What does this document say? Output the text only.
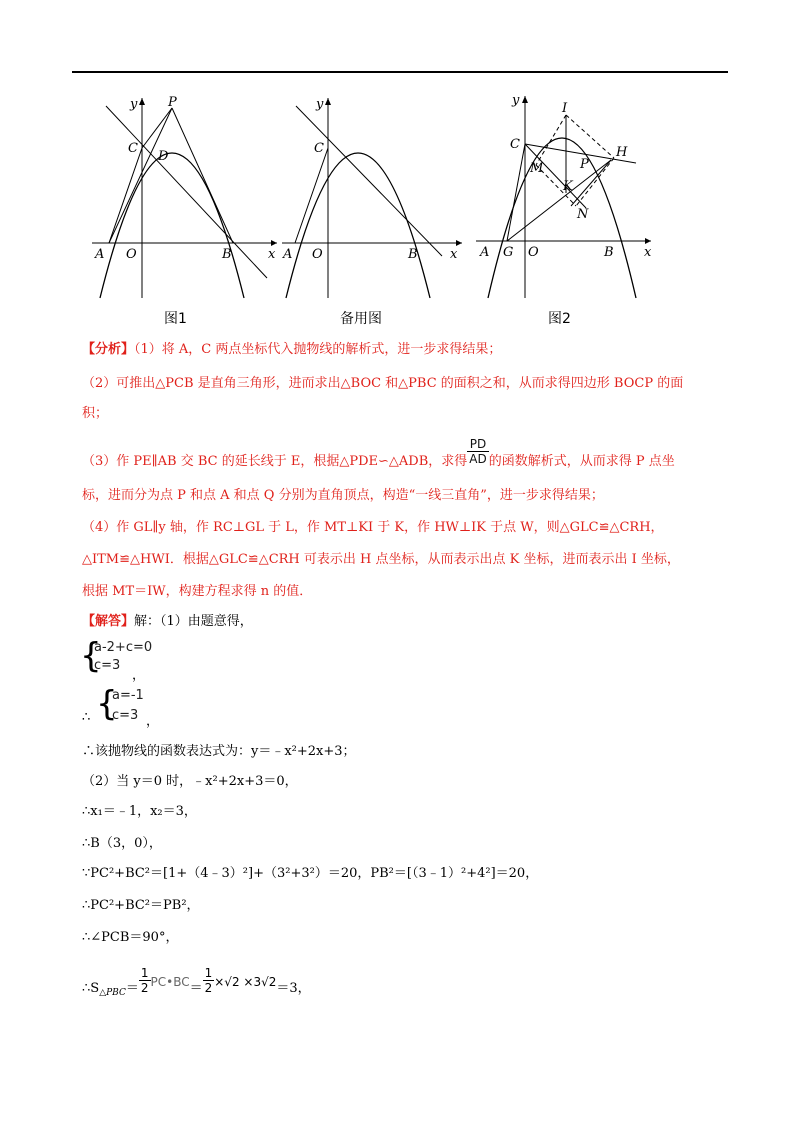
y
x
P
C
D
A O	B
图1
y
x
C
A O	B
备用图
y
x
I
C
H
M	P
K
N
A G O	B
图2
【分析】（1）将 A，C 两点坐标代入抛物线的解析式，进一步求得结果；
（2）可推出△PCB 是直角三角形，进而求出△BOC 和△PBC 的面积之和，从而求得四边形 BOCP 的面
积；
（3）作 PE∥AB 交 BC 的延长线于 E，根据△PDE∽△ADB，求得 $\frac{PD}{AD}$ 的函数解析式，从而求得 P 点坐
标，进而分为点 P 和点 A 和点 Q 分别为直角顶点，构造“一线三直角”，进一步求得结果；
（4）作 GL∥y 轴，作 RC⊥GL 于 L，作 MT⊥KI 于 K，作 HW⊥IK 于点 W，则△GLC≌△CRH，
△ITM≌△HWI．根据△GLC≌△CRH 可表示出 H 点坐标，从而表示出点 K 坐标，进而表示出 I 坐标，
根据 MT＝IW，构建方程求得 n 的值．
【解答】解：（1）由题意得，
{
a-2+c=0
c=3
，
∴ {
a=-1
c=3 ，
∴该抛物线的函数表达式为：y＝﹣x²+2x+3；
（2）当 y＝0 时，﹣x²+2x+3＝0，
∴x₁＝﹣1，x₂＝3，
∴B（3，0），
∵PC²+BC²＝[1+（4﹣3）²]+（3²+3²）＝20，PB²＝[（3﹣1）²+4²]＝20，
∴PC²+BC²＝PB²，
∴∠PCB＝90°，
$\therefore S_{\triangle PBC}= \frac{1}{2}$ PC•BC＝ $\frac{1}{2} \times√2 \times 3√2=3$，
